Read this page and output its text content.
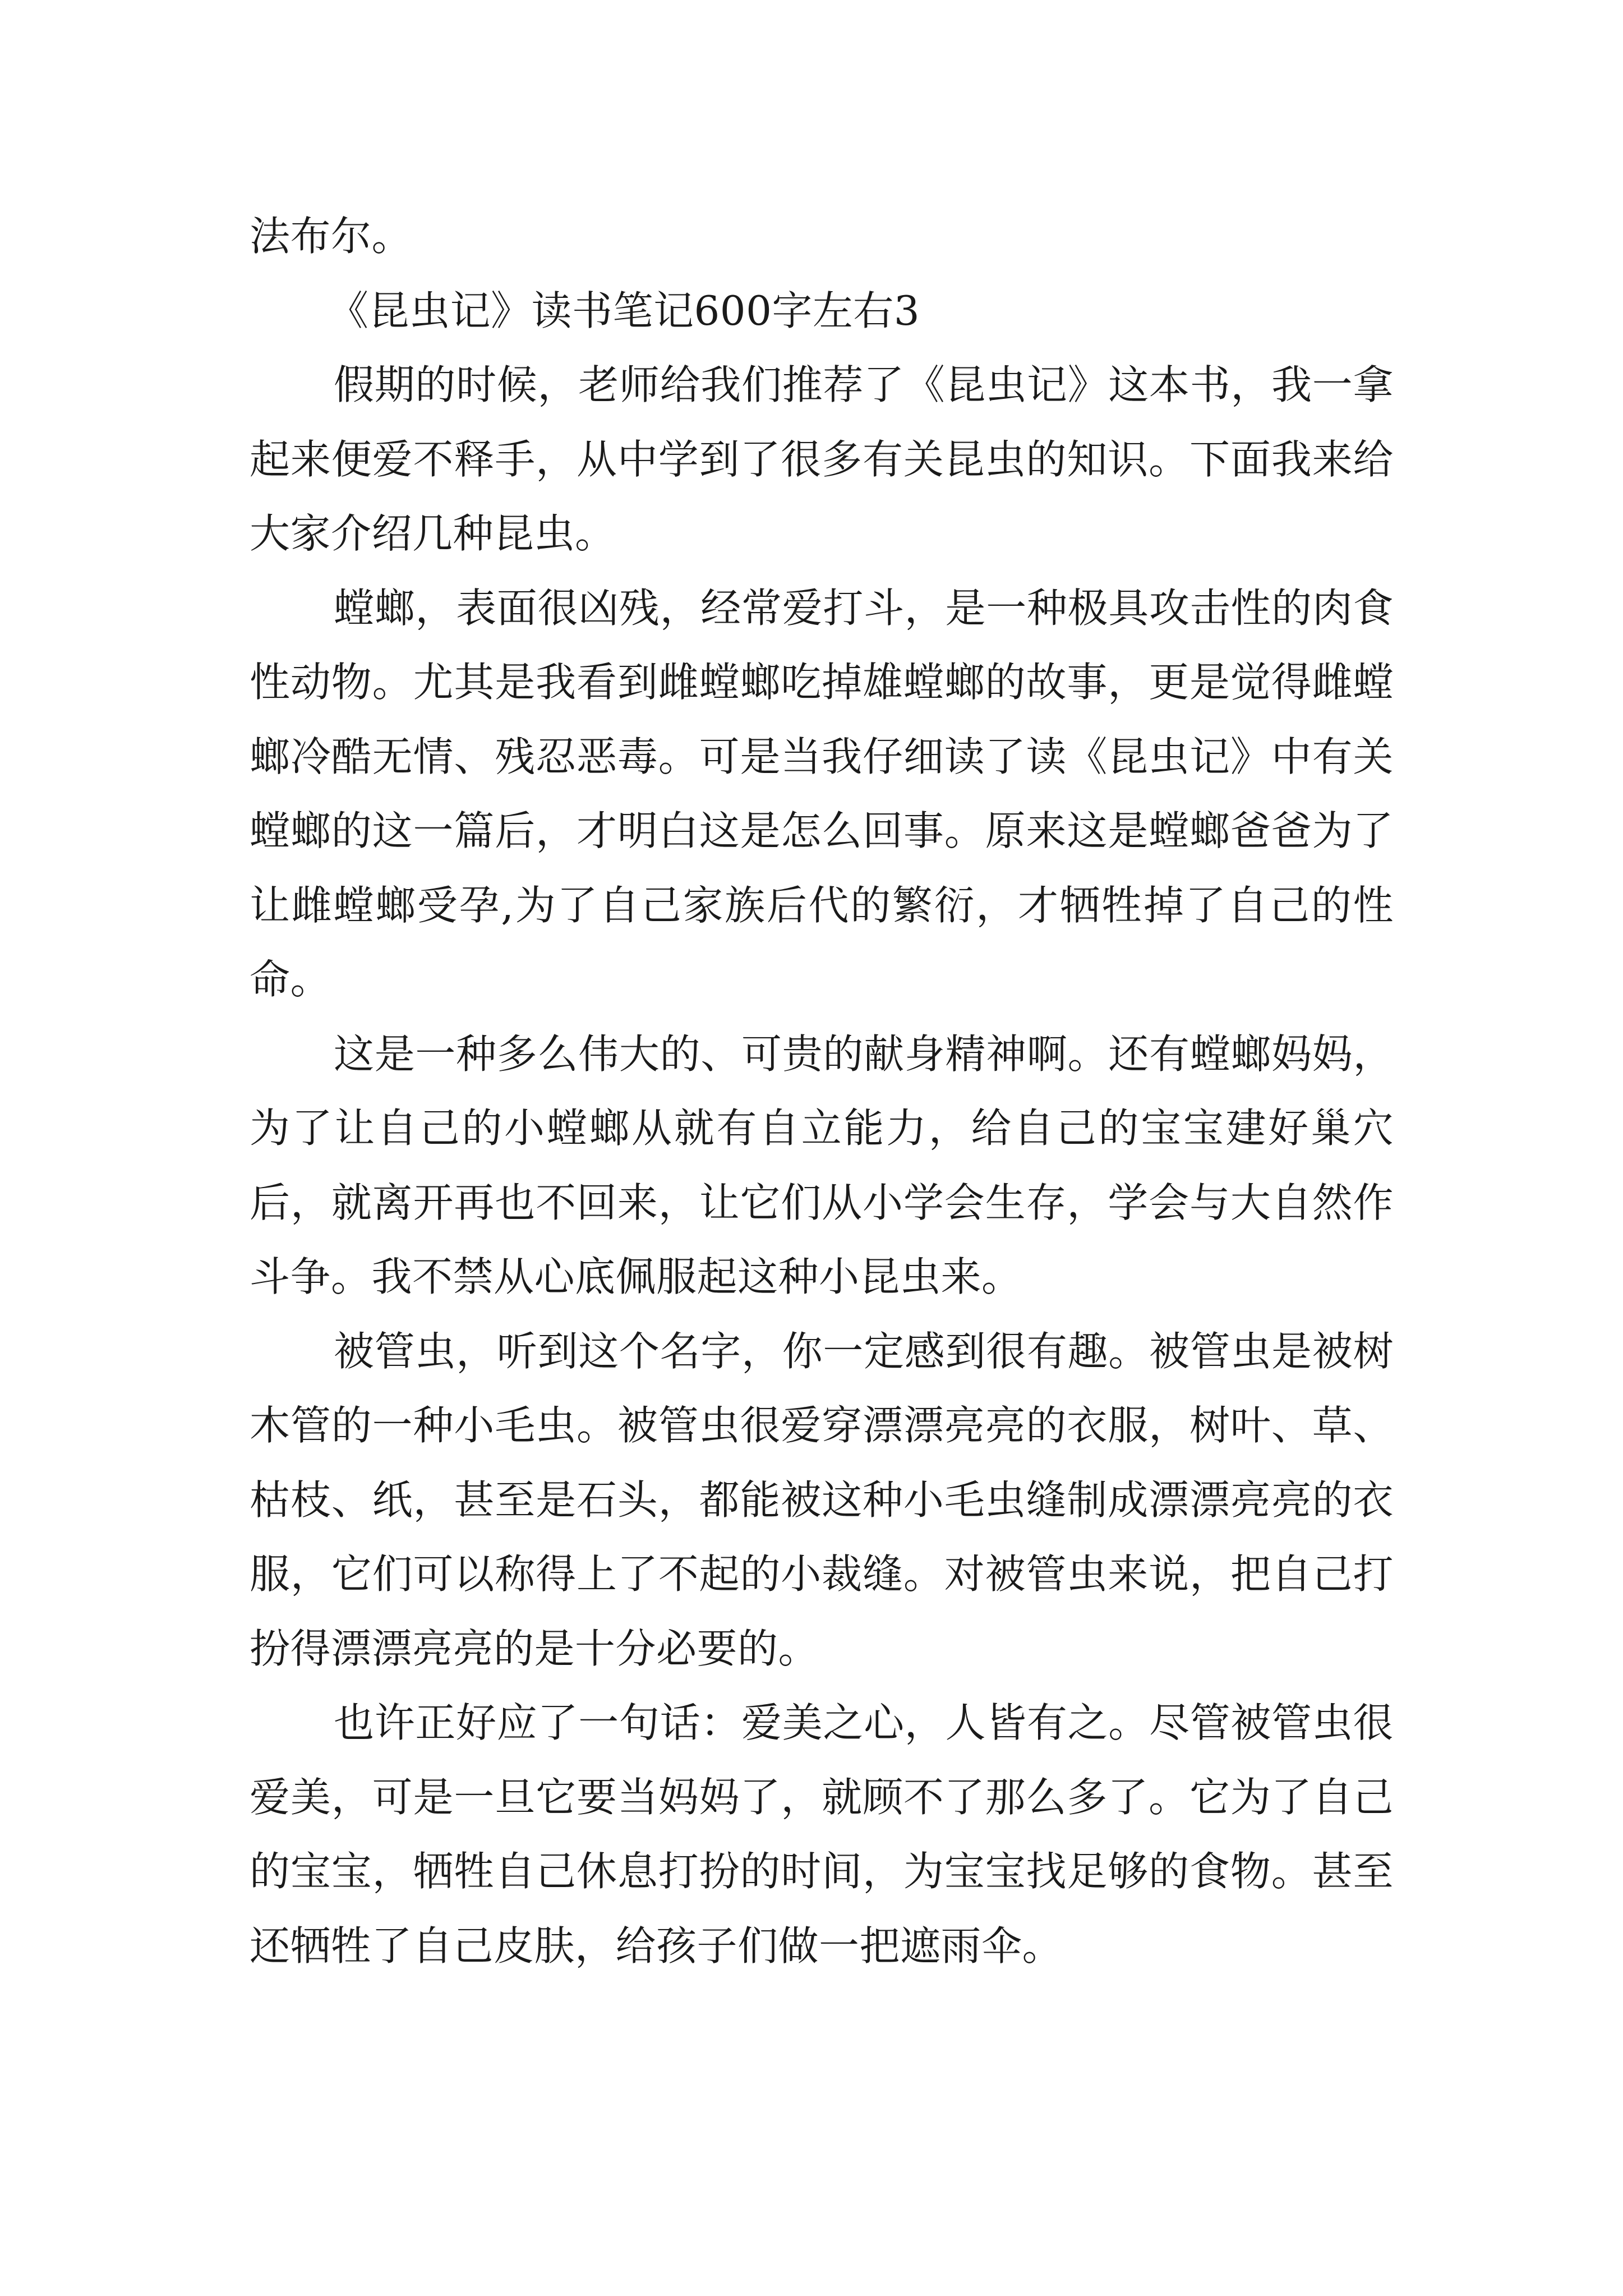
法布尔。

《昆虫记》读书笔记600字左右3

假期的时候，老师给我们推荐了《昆虫记》这本书，我一拿起来便爱不释手，从中学到了很多有关昆虫的知识。下面我来给大家介绍几种昆虫。

螳螂，表面很凶残，经常爱打斗，是一种极具攻击性的肉食性动物。尤其是我看到雌螳螂吃掉雄螳螂的故事，更是觉得雌螳螂冷酷无情、残忍恶毒。可是当我仔细读了读《昆虫记》中有关螳螂的这一篇后，才明白这是怎么回事。原来这是螳螂爸爸为了让雌螳螂受孕,为了自己家族后代的繁衍，才牺牲掉了自己的性命。

这是一种多么伟大的、可贵的献身精神啊。还有螳螂妈妈，为了让自己的小螳螂从就有自立能力，给自己的宝宝建好巢穴后，就离开再也不回来，让它们从小学会生存，学会与大自然作斗争。我不禁从心底佩服起这种小昆虫来。

被管虫，听到这个名字，你一定感到很有趣。被管虫是被树木管的一种小毛虫。被管虫很爱穿漂漂亮亮的衣服，树叶、草、枯枝、纸，甚至是石头，都能被这种小毛虫缝制成漂漂亮亮的衣服，它们可以称得上了不起的小裁缝。对被管虫来说，把自己打扮得漂漂亮亮的是十分必要的。

也许正好应了一句话：爱美之心，人皆有之。尽管被管虫很爱美，可是一旦它要当妈妈了，就顾不了那么多了。它为了自己的宝宝，牺牲自己休息打扮的时间，为宝宝找足够的食物。甚至还牺牲了自己皮肤，给孩子们做一把遮雨伞。
